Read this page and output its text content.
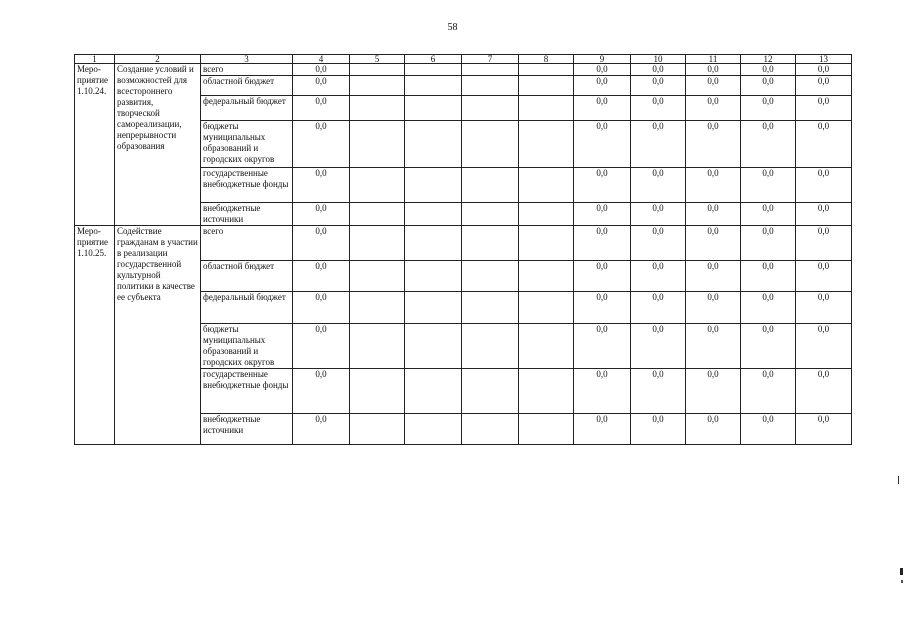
58
1	2	3	4	5	6	7	8	9	10	11	12	13
Меро-приятие 1.10.24.	Создание условий и возможностей для всестороннего развития, творческой самореализации, непрерывности образования	всего	0,0					0,0	0,0	0,0	0,0	0,0
		областной бюджет	0,0					0,0	0,0	0,0	0,0	0,0
		федеральный бюджет	0,0					0,0	0,0	0,0	0,0	0,0
		бюджеты муниципальных образований и городских округов	0,0					0,0	0,0	0,0	0,0	0,0
		государственные внебюджетные фонды	0,0					0,0	0,0	0,0	0,0	0,0
		внебюджетные источники	0,0					0,0	0,0	0,0	0,0	0,0
Меро-приятие 1.10.25.	Содействие гражданам в участии в реализации государственной культурной политики в качестве ее субъекта	всего	0,0					0,0	0,0	0,0	0,0	0,0
		областной бюджет	0,0					0,0	0,0	0,0	0,0	0,0
		федеральный бюджет	0,0					0,0	0,0	0,0	0,0	0,0
		бюджеты муниципальных образований и городских округов	0,0					0,0	0,0	0,0	0,0	0,0
		государственные внебюджетные фонды	0,0					0,0	0,0	0,0	0,0	0,0
		внебюджетные источники	0,0					0,0	0,0	0,0	0,0	0,0
